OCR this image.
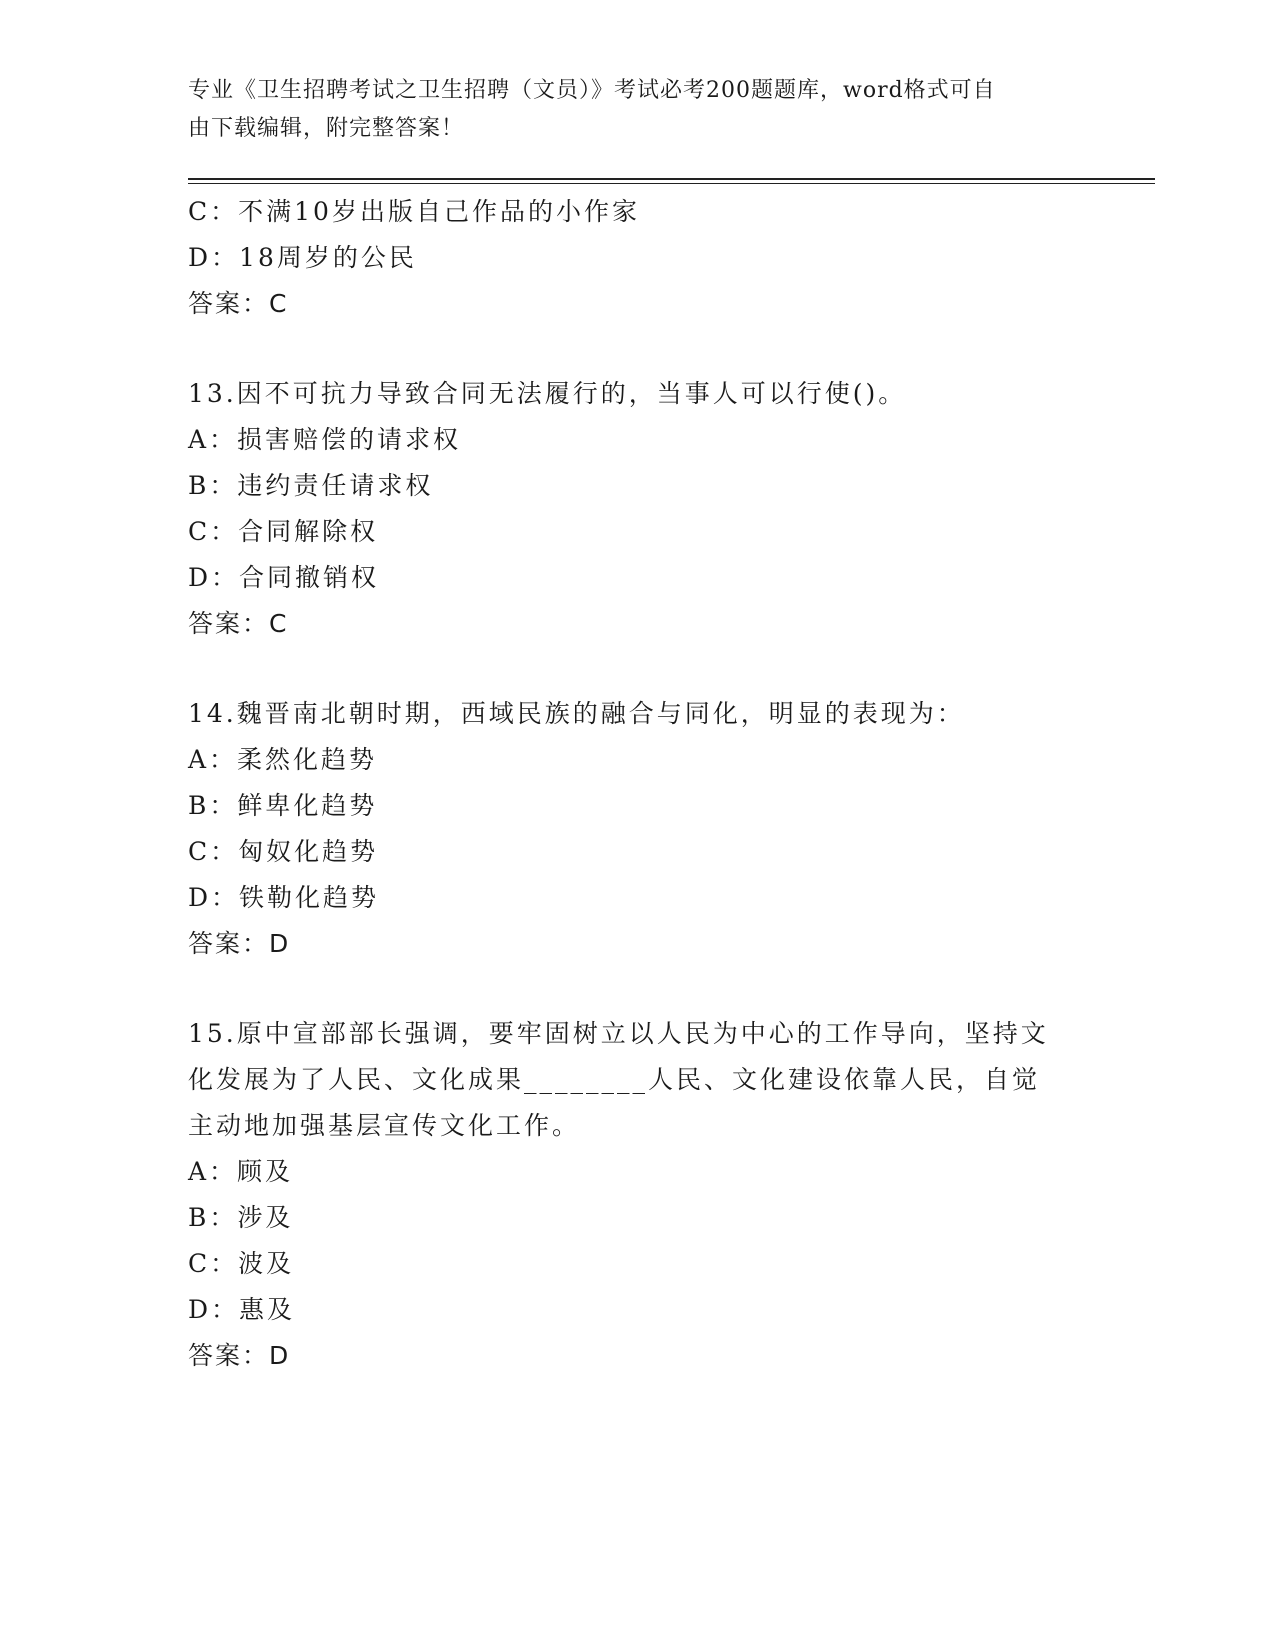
专业《卫生招聘考试之卫生招聘（文员）》考试必考200题题库，word格式可自
由下载编辑，附完整答案！
C：不满10岁出版自己作品的小作家
D：18周岁的公民
答案：C
13.因不可抗力导致合同无法履行的，当事人可以行使()。
A：损害赔偿的请求权
B：违约责任请求权
C：合同解除权
D：合同撤销权
答案：C
14.魏晋南北朝时期，西域民族的融合与同化，明显的表现为：
A：柔然化趋势
B：鲜卑化趋势
C：匈奴化趋势
D：铁勒化趋势
答案：D
15.原中宣部部长强调，要牢固树立以人民为中心的工作导向，坚持文
化发展为了人民、文化成果________人民、文化建设依靠人民，自觉
主动地加强基层宣传文化工作。
A：顾及
B：涉及
C：波及
D：惠及
答案：D
